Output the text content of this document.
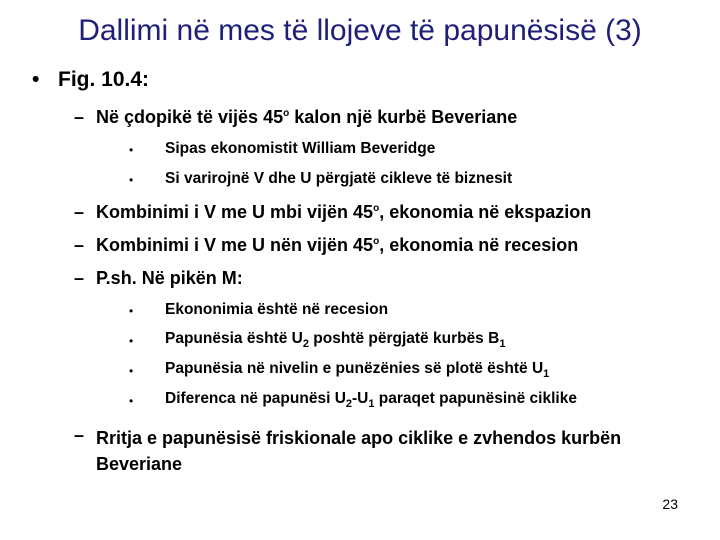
Dallimi në mes të llojeve të papunësisë (3)
• Fig. 10.4:
– Në çdopikë të vijës 45$^o$ kalon një kurbë Beveriane
• Sipas ekonomistit William Beveridge
• Si varirojnë V dhe U përgjatë cikleve të biznesit
– Kombinimi i V me U mbi vijën 45$^o$, ekonomia në ekspazion
– Kombinimi i V me U nën vijën 45$^o$, ekonomia në recesion
– P.sh. Në pikën M:
• Ekononimia është në recesion
• Papunësia është $U_2$ poshtë përgjatë kurbës $B_1$
• Papunësia në nivelin e punëzënies së plotë është $U_1$
• Diferenca në papunësi $U_2-U_1$ paraqet papunësinë ciklike
– Rritja e papunësisë friskionale apo ciklike e zvhendos kurbën Beveriane
23
